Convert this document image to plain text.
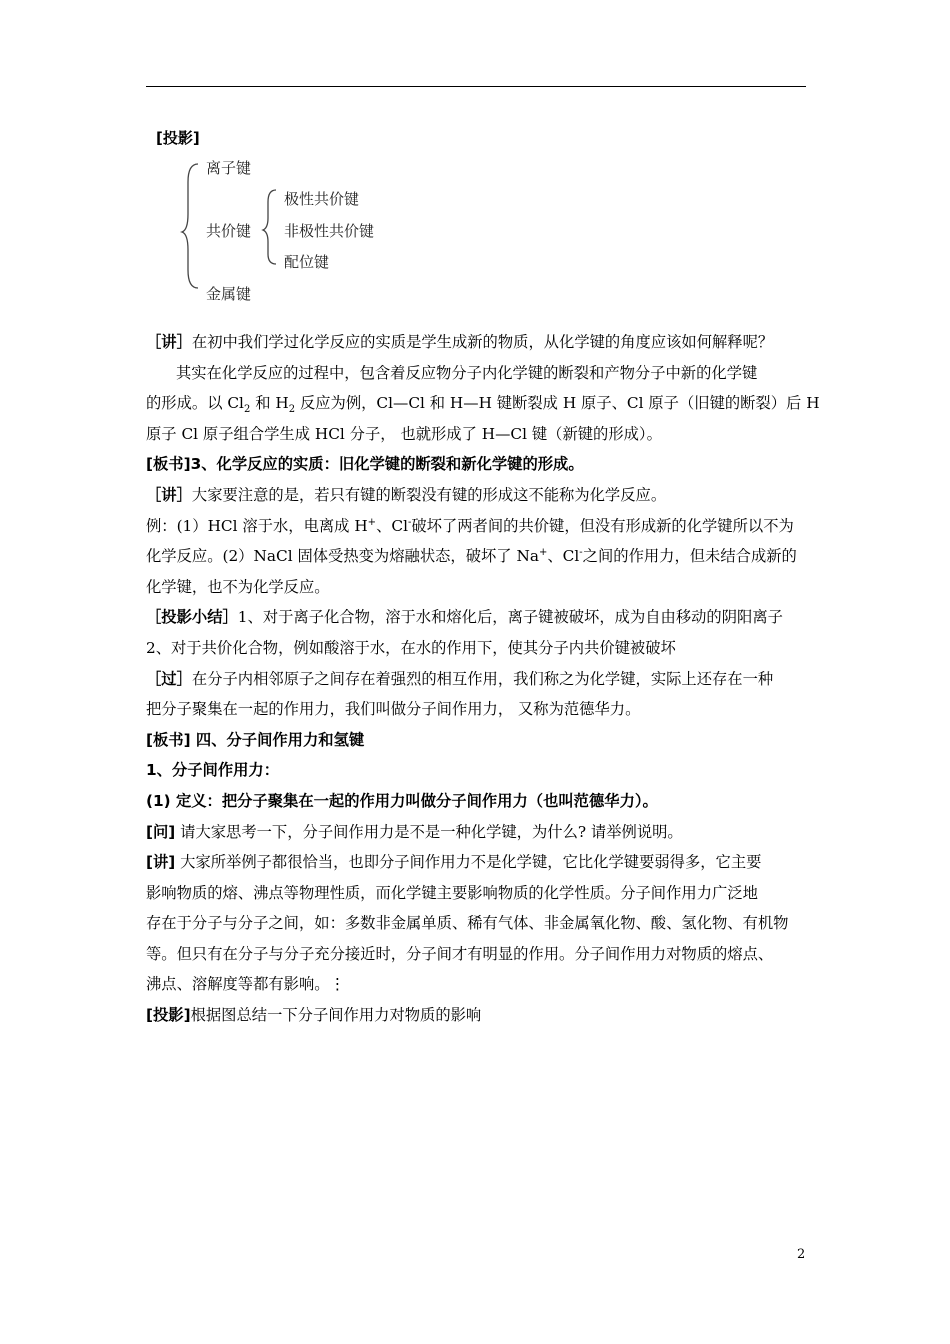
[投影]
离子键
共价键
极性共价键
非极性共价键
配位键
金属键

［讲］在初中我们学过化学反应的实质是学生成新的物质，从化学键的角度应该如何解释呢？

其实在化学反应的过程中，包含着反应物分子内化学键的断裂和产物分子中新的化学键

的形成。以 $Cl_2$ 和 $H_2$ 反应为例，Cl—Cl 和 H—H 键断裂成 H 原子、Cl 原子（旧键的断裂）后 H

原子 Cl 原子组合学生成 HCl 分子， 也就形成了 H—Cl 键（新键的形成）。

[板书]3、化学反应的实质：旧化学键的断裂和新化学键的形成。

［讲］大家要注意的是，若只有键的断裂没有键的形成这不能称为化学反应。

例：(1）HCl 溶于水，电离成 H+、Cl-破坏了两者间的共价键，但没有形成新的化学键所以不为

化学反应。(2）NaCl 固体受热变为熔融状态，破坏了 Na+、Cl-之间的作用力，但未结合成新的

化学键，也不为化学反应。

［投影小结］1、对于离子化合物，溶于水和熔化后，离子键被破坏，成为自由移动的阴阳离子

2、对于共价化合物，例如酸溶于水，在水的作用下，使其分子内共价键被破坏

［过］在分子内相邻原子之间存在着强烈的相互作用，我们称之为化学键，实际上还存在一种

把分子聚集在一起的作用力，我们叫做分子间作用力， 又称为范德华力。

[板书] 四、分子间作用力和氢键

1、分子间作用力：

(1) 定义：把分子聚集在一起的作用力叫做分子间作用力（也叫范德华力）。

[问] 请大家思考一下，分子间作用力是不是一种化学键，为什么? 请举例说明。

[讲] 大家所举例子都很恰当，也即分子间作用力不是化学键，它比化学键要弱得多，它主要

影响物质的熔、沸点等物理性质，而化学键主要影响物质的化学性质。分子间作用力广泛地

存在于分子与分子之间，如：多数非金属单质、稀有气体、非金属氧化物、酸、氢化物、有机物

等。但只有在分子与分子充分接近时，分子间才有明显的作用。分子间作用力对物质的熔点、

沸点、溶解度等都有影响。⋮

[投影]根据图总结一下分子间作用力对物质的影响

2
